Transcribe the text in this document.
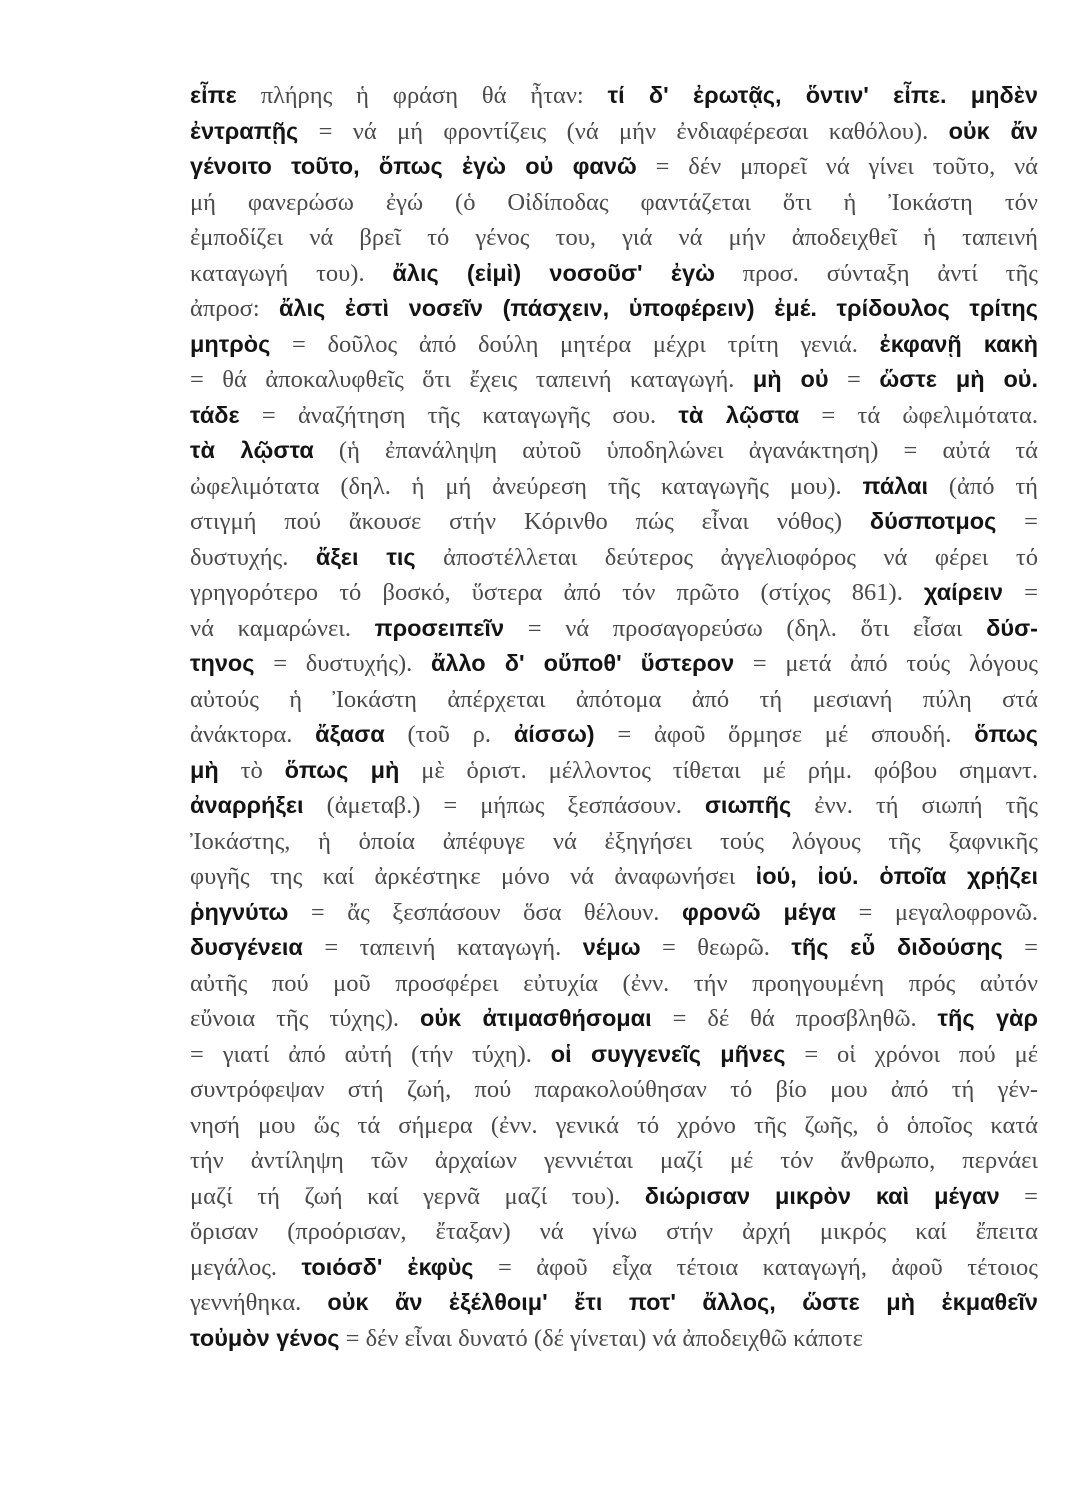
εἶπε πλήρης ἡ φράση θά ἦταν: τί δ' ἐρωτᾷς, ὅντιν' εἶπε. μηδὲν
ἐντραπῇς = νά μή φροντίζεις (νά μήν ἐνδιαφέρεσαι καθόλου). οὐκ ἄν
γένοιτο τοῦτο, ὅπως ἐγὼ οὐ φανῶ = δέν μπορεῖ νά γίνει τοῦτο, νά
μή φανερώσω ἐγώ (ὁ Οἰδίποδας φαντάζεται ὅτι ἡ Ἰοκάστη τόν
ἐμποδίζει νά βρεῖ τό γένος του, γιά νά μήν ἀποδειχθεῖ ἡ ταπεινή
καταγωγή του). ἄλις (εἰμὶ) νοσοῦσ' ἐγὼ προσ. σύνταξη ἀντί τῆς
ἀπροσ: ἄλις ἐστὶ νοσεῖν (πάσχειν, ὑποφέρειν) ἐμέ. τρίδουλος τρίτης
μητρὸς = δοῦλος ἀπό δούλη μητέρα μέχρι τρίτη γενιά. ἐκφανῇ κακὴ
= θά ἀποκαλυφθεῖς ὅτι ἔχεις ταπεινή καταγωγή. μὴ οὐ = ὥστε μὴ οὐ.
τάδε = ἀναζήτηση τῆς καταγωγῆς σου. τὰ λῷστα = τά ὠφελιμότατα.
τὰ λῷστα (ἡ ἐπανάληψη αὐτοῦ ὑποδηλώνει ἀγανάκτηση) = αὐτά τά
ὠφελιμότατα (δηλ. ἡ μή ἀνεύρεση τῆς καταγωγῆς μου). πάλαι (ἀπό τή
στιγμή πού ἄκουσε στήν Κόρινθο πώς εἶναι νόθος) δύσποτμος =
δυστυχής. ἄξει τις ἀποστέλλεται δεύτερος ἀγγελιοφόρος νά φέρει τό
γρηγορότερο τό βοσκό, ὕστερα ἀπό τόν πρῶτο (στίχος 861). χαίρειν =
νά καμαρώνει. προσειπεῖν = νά προσαγορεύσω (δηλ. ὅτι εἶσαι δύσ-
τηνος = δυστυχής). ἄλλο δ' οὔποθ' ὕστερον = μετά ἀπό τούς λόγους
αὐτούς ἡ Ἰοκάστη ἀπέρχεται ἀπότομα ἀπό τή μεσιανή πύλη στά
ἀνάκτορα. ἄξασα (τοῦ ρ. ἀίσσω) = ἀφοῦ ὅρμησε μέ σπουδή. ὅπως
μὴ τὸ ὅπως μὴ μὲ ὁριστ. μέλλοντος τίθεται μέ ρήμ. φόβου σημαντ.
ἀναρρήξει (ἀμεταβ.) = μήπως ξεσπάσουν. σιωπῆς ἐνν. τή σιωπή τῆς
Ἰοκάστης, ἡ ὁποία ἀπέφυγε νά ἐξηγήσει τούς λόγους τῆς ξαφνικῆς
φυγῆς της καί ἀρκέστηκε μόνο νά ἀναφωνήσει ἰού, ἰού. ὁποῖα χρῄζει
ῥηγνύτω = ἄς ξεσπάσουν ὅσα θέλουν. φρονῶ μέγα = μεγαλοφρονῶ.
δυσγένεια = ταπεινή καταγωγή. νέμω = θεωρῶ. τῆς εὖ διδούσης =
αὐτῆς πού μοῦ προσφέρει εὐτυχία (ἐνν. τήν προηγουμένη πρός αὐτόν
εὔνοια τῆς τύχης). οὐκ ἀτιμασθήσομαι = δέ θά προσβληθῶ. τῆς γὰρ
= γιατί ἀπό αὐτή (τήν τύχη). οἱ συγγενεῖς μῆνες = οἱ χρόνοι πού μέ
συντρόφεψαν στή ζωή, πού παρακολούθησαν τό βίο μου ἀπό τή γέν-
νησή μου ὥς τά σήμερα (ἐνν. γενικά τό χρόνο τῆς ζωῆς, ὁ ὁποῖος κατά
τήν ἀντίληψη τῶν ἀρχαίων γεννιέται μαζί μέ τόν ἄνθρωπο, περνάει
μαζί τή ζωή καί γερνᾶ μαζί του). διώρισαν μικρὸν καὶ μέγαν =
ὅρισαν (προόρισαν, ἔταξαν) νά γίνω στήν ἀρχή μικρός καί ἔπειτα
μεγάλος. τοιόσδ' ἐκφὺς = ἀφοῦ εἶχα τέτοια καταγωγή, ἀφοῦ τέτοιος
γεννήθηκα. οὐκ ἄν ἐξέλθοιμ' ἔτι ποτ' ἄλλος, ὥστε μὴ ἐκμαθεῖν
τοὐμὸν γένος = δέν εἶναι δυνατό (δέ γίνεται) νά ἀποδειχθῶ κάποτε
